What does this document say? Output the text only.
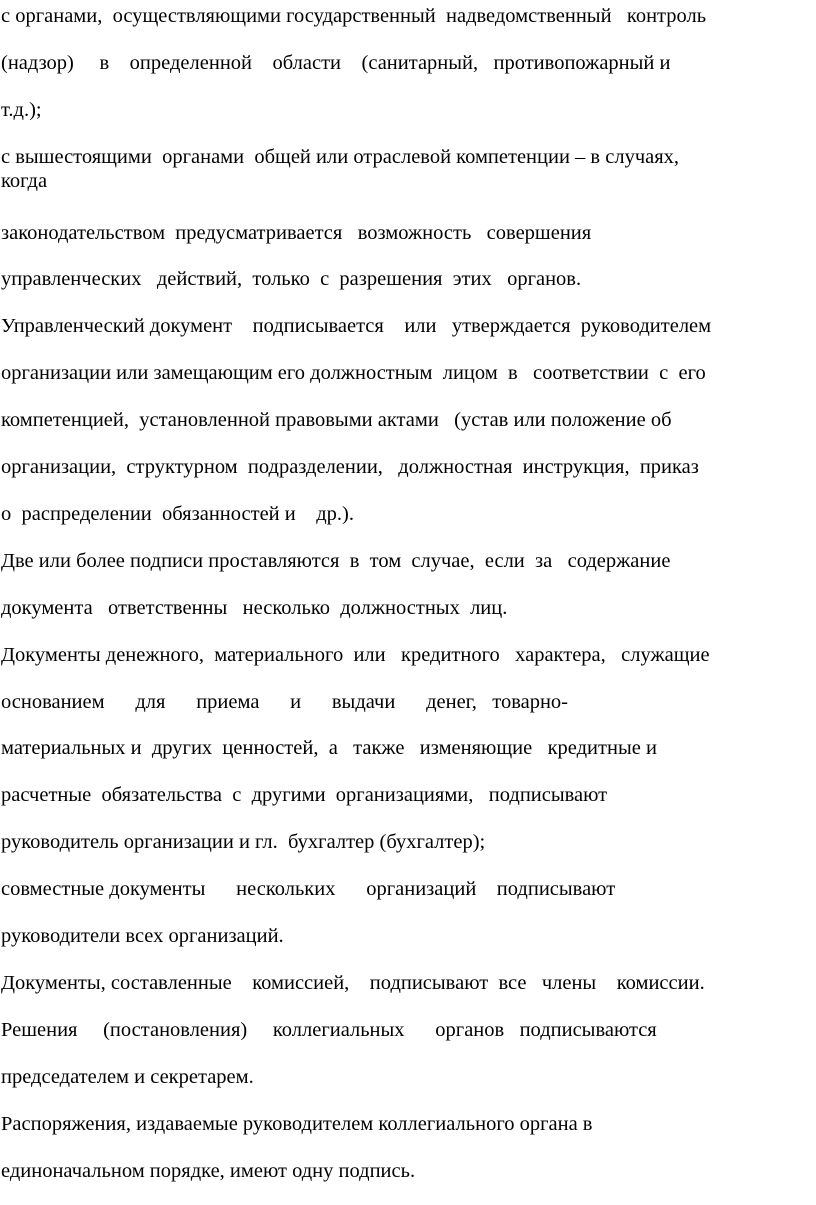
с органами,  осуществляющими государственный  надведомственный   контроль
(надзор)     в    определенной    области    (санитарный,   противопожарный и
т.д.);
с вышестоящими  органами  общей или отраслевой компетенции – в случаях,
когда
законодательством  предусматривается   возможность   совершения
управленческих   действий,  только  с  разрешения  этих   органов.
Управленческий документ    подписывается    или   утверждается  руководителем
организации или замещающим его должностным  лицом  в   соответствии  с  его
компетенцией,  установленной правовыми актами   (устав или положение об
организации,  структурном  подразделении,   должностная  инструкция,  приказ
о  распределении  обязанностей и    др.).
Две или более подписи проставляются  в  том  случае,  если  за   содержание
документа   ответственны   несколько  должностных  лиц.
Документы денежного,  материального  или   кредитного   характера,   служащие
основанием      для      приема      и      выдачи      денег,   товарно-
материальных и  других  ценностей,  а   также   изменяющие   кредитные и
расчетные  обязательства  с  другими  организациями,   подписывают
руководитель организации и гл.  бухгалтер (бухгалтер);
совместные документы      нескольких      организаций    подписывают
руководители всех организаций.
Документы, составленные    комиссией,    подписывают  все   члены    комиссии.
Решения     (постановления)     коллегиальных      органов   подписываются
председателем и секретарем.
Распоряжения, издаваемые руководителем коллегиального органа в
единоначальном порядке, имеют одну подпись.
